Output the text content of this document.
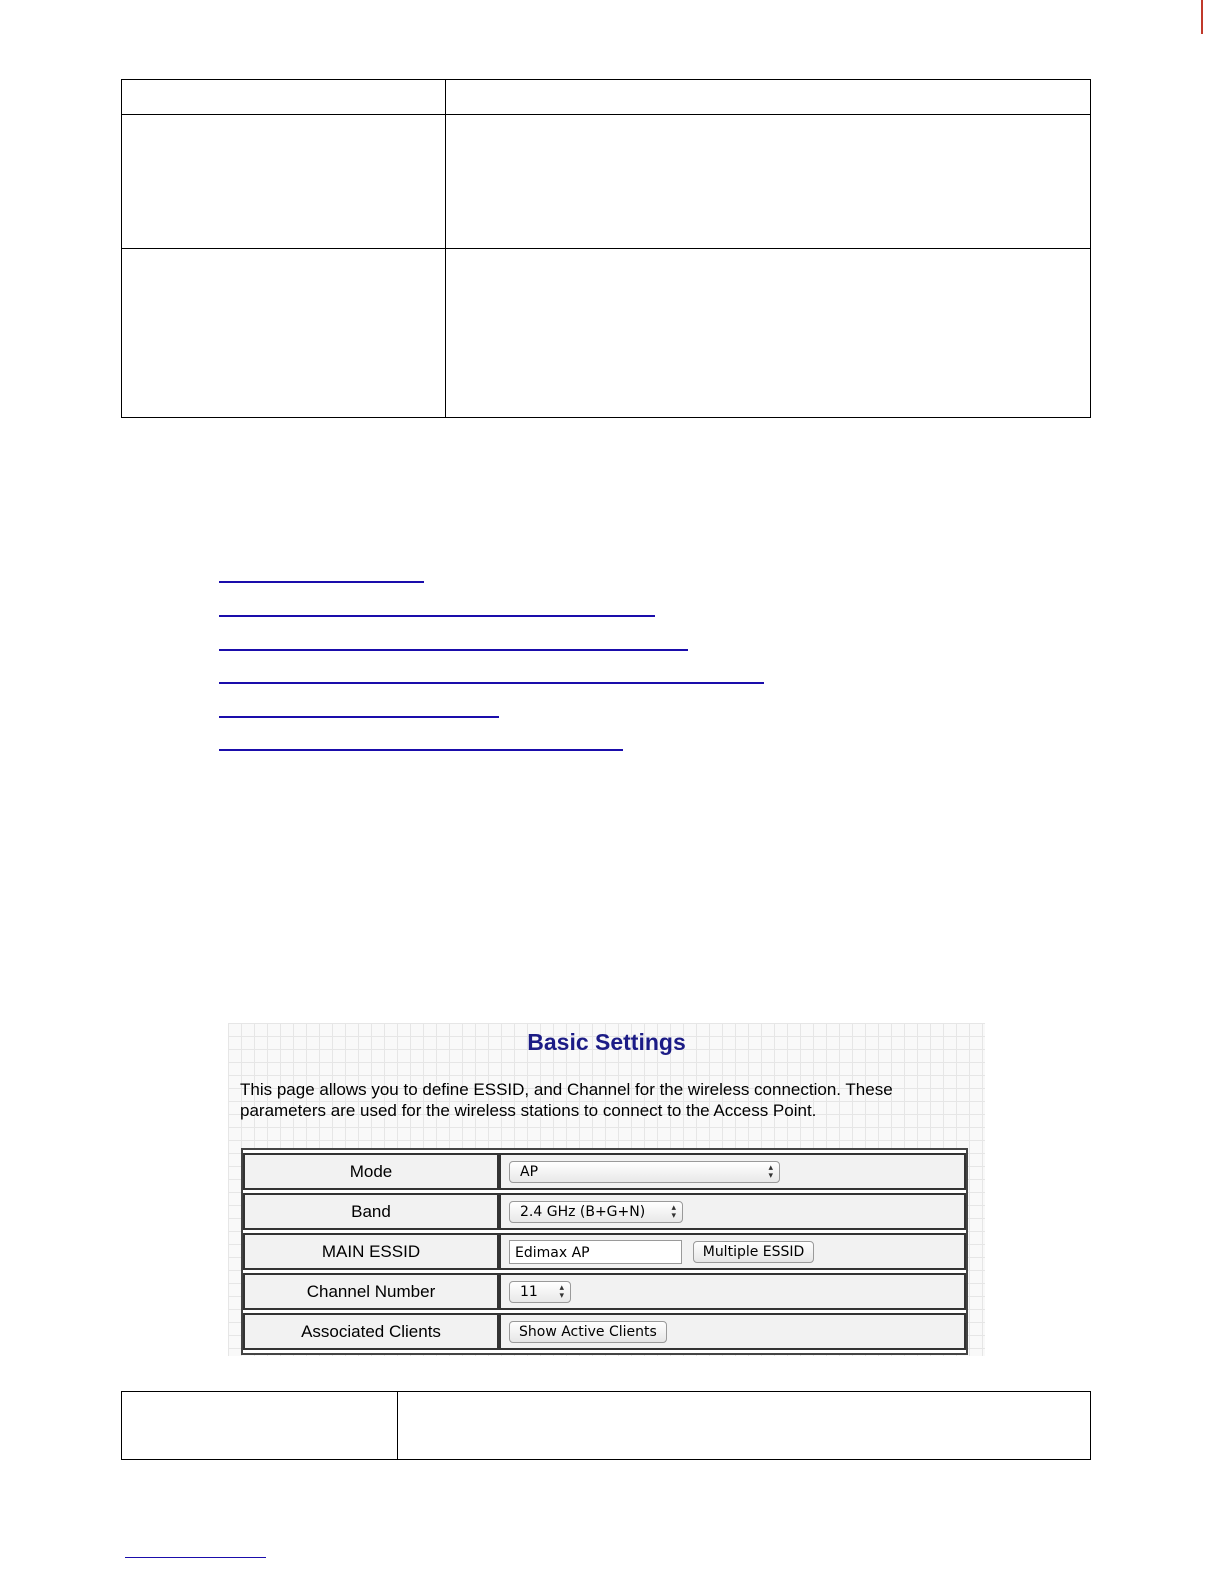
Basic Settings
This page allows you to define ESSID, and Channel for the wireless connection. These parameters are used for the wireless stations to connect to the Access Point.
Mode	AP ▴
▾

Band	2.4 GHz (B+G+N) ▴
▾

MAIN ESSID	Edimax AP Multiple ESSID
Channel Number	11 ▴
▾

Associated Clients	Show Active Clients
